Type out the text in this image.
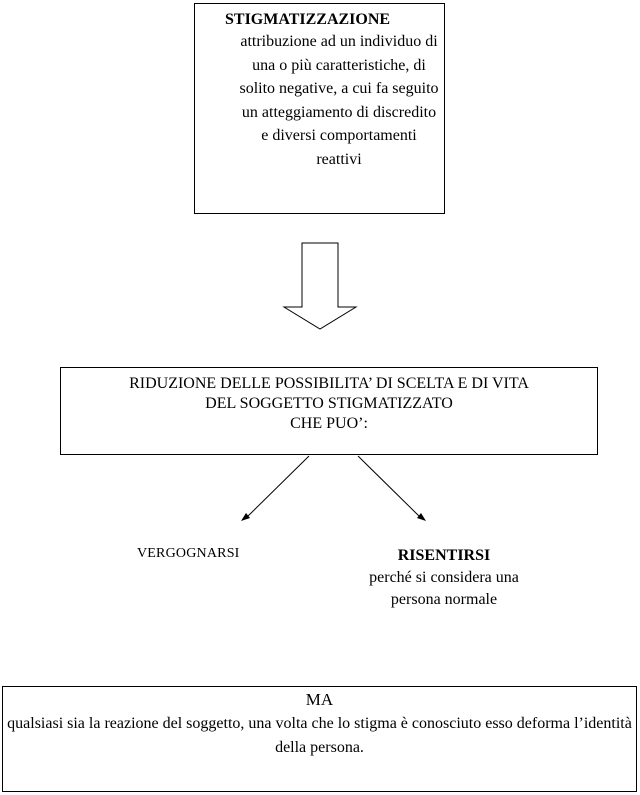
STIGMATIZZAZIONE
attribuzione ad un individuo di una o più caratteristiche, di solito negative, a cui fa seguito un atteggiamento di discredito e diversi comportamenti reattivi
RIDUZIONE DELLE POSSIBILITA’ DI SCELTA E DI VITA
DEL SOGGETTO STIGMATIZZATO
CHE PUO’:
VERGOGNARSI	RISENTIRSI
perché si considera una persona normale
MA
qualsiasi sia la reazione del soggetto, una volta che lo stigma è conosciuto esso deforma l’identità della persona.
